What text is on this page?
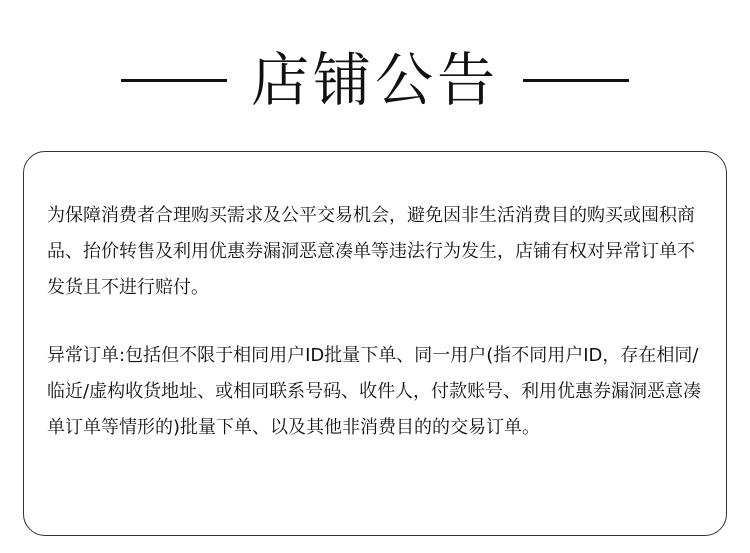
店铺公告

为保障消费者合理购买需求及公平交易机会，避免因非生活消费目的购买或囤积商品、抬价转售及利用优惠券漏洞恶意凑单等违法行为发生，店铺有权对异常订单不发货且不进行赔付。

异常订单:包括但不限于相同用户ID批量下单、同一用户(指不同用户ID，存在相同/临近/虚构收货地址、或相同联系号码、收件人，付款账号、利用优惠券漏洞恶意凑单订单等情形的)批量下单、以及其他非消费目的的交易订单。
